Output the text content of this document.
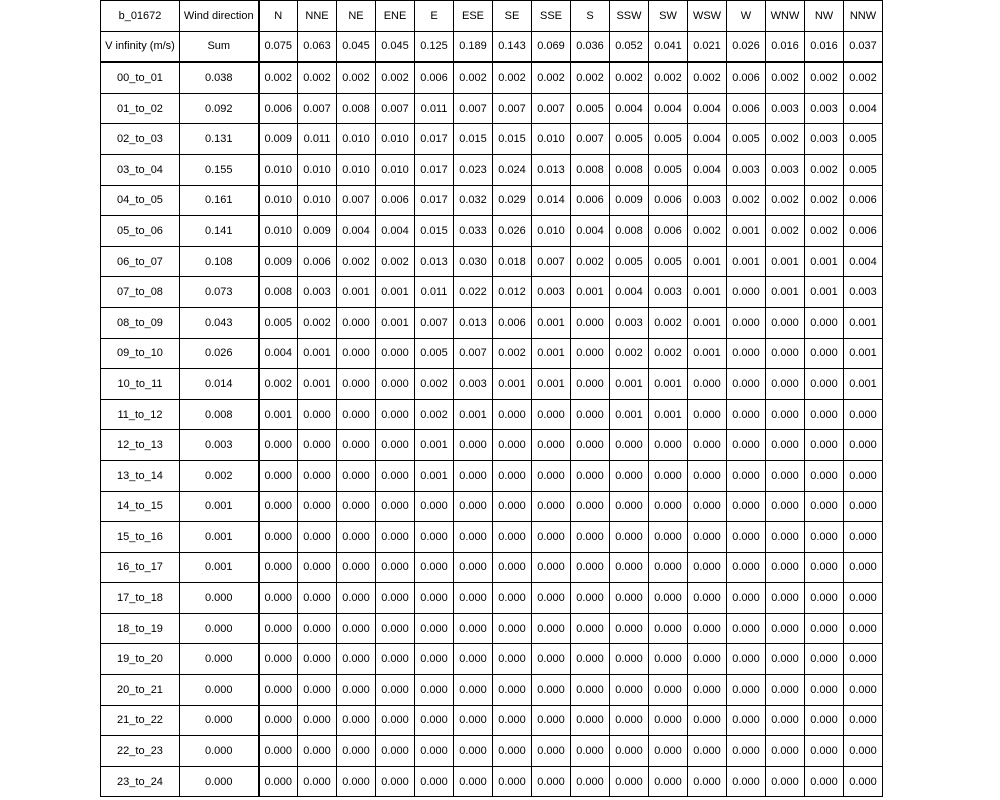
b_01672	Wind direction	N	NNE	NE	ENE	E	ESE	SE	SSE	S	SSW	SW	WSW	W	WNW	NW	NNW
V infinity (m/s)	Sum	0.075	0.063	0.045	0.045	0.125	0.189	0.143	0.069	0.036	0.052	0.041	0.021	0.026	0.016	0.016	0.037
00_to_01	0.038	0.002	0.002	0.002	0.002	0.006	0.002	0.002	0.002	0.002	0.002	0.002	0.002	0.006	0.002	0.002	0.002
01_to_02	0.092	0.006	0.007	0.008	0.007	0.011	0.007	0.007	0.007	0.005	0.004	0.004	0.004	0.006	0.003	0.003	0.004
02_to_03	0.131	0.009	0.011	0.010	0.010	0.017	0.015	0.015	0.010	0.007	0.005	0.005	0.004	0.005	0.002	0.003	0.005
03_to_04	0.155	0.010	0.010	0.010	0.010	0.017	0.023	0.024	0.013	0.008	0.008	0.005	0.004	0.003	0.003	0.002	0.005
04_to_05	0.161	0.010	0.010	0.007	0.006	0.017	0.032	0.029	0.014	0.006	0.009	0.006	0.003	0.002	0.002	0.002	0.006
05_to_06	0.141	0.010	0.009	0.004	0.004	0.015	0.033	0.026	0.010	0.004	0.008	0.006	0.002	0.001	0.002	0.002	0.006
06_to_07	0.108	0.009	0.006	0.002	0.002	0.013	0.030	0.018	0.007	0.002	0.005	0.005	0.001	0.001	0.001	0.001	0.004
07_to_08	0.073	0.008	0.003	0.001	0.001	0.011	0.022	0.012	0.003	0.001	0.004	0.003	0.001	0.000	0.001	0.001	0.003
08_to_09	0.043	0.005	0.002	0.000	0.001	0.007	0.013	0.006	0.001	0.000	0.003	0.002	0.001	0.000	0.000	0.000	0.001
09_to_10	0.026	0.004	0.001	0.000	0.000	0.005	0.007	0.002	0.001	0.000	0.002	0.002	0.001	0.000	0.000	0.000	0.001
10_to_11	0.014	0.002	0.001	0.000	0.000	0.002	0.003	0.001	0.001	0.000	0.001	0.001	0.000	0.000	0.000	0.000	0.001
11_to_12	0.008	0.001	0.000	0.000	0.000	0.002	0.001	0.000	0.000	0.000	0.001	0.001	0.000	0.000	0.000	0.000	0.000
12_to_13	0.003	0.000	0.000	0.000	0.000	0.001	0.000	0.000	0.000	0.000	0.000	0.000	0.000	0.000	0.000	0.000	0.000
13_to_14	0.002	0.000	0.000	0.000	0.000	0.001	0.000	0.000	0.000	0.000	0.000	0.000	0.000	0.000	0.000	0.000	0.000
14_to_15	0.001	0.000	0.000	0.000	0.000	0.000	0.000	0.000	0.000	0.000	0.000	0.000	0.000	0.000	0.000	0.000	0.000
15_to_16	0.001	0.000	0.000	0.000	0.000	0.000	0.000	0.000	0.000	0.000	0.000	0.000	0.000	0.000	0.000	0.000	0.000
16_to_17	0.001	0.000	0.000	0.000	0.000	0.000	0.000	0.000	0.000	0.000	0.000	0.000	0.000	0.000	0.000	0.000	0.000
17_to_18	0.000	0.000	0.000	0.000	0.000	0.000	0.000	0.000	0.000	0.000	0.000	0.000	0.000	0.000	0.000	0.000	0.000
18_to_19	0.000	0.000	0.000	0.000	0.000	0.000	0.000	0.000	0.000	0.000	0.000	0.000	0.000	0.000	0.000	0.000	0.000
19_to_20	0.000	0.000	0.000	0.000	0.000	0.000	0.000	0.000	0.000	0.000	0.000	0.000	0.000	0.000	0.000	0.000	0.000
20_to_21	0.000	0.000	0.000	0.000	0.000	0.000	0.000	0.000	0.000	0.000	0.000	0.000	0.000	0.000	0.000	0.000	0.000
21_to_22	0.000	0.000	0.000	0.000	0.000	0.000	0.000	0.000	0.000	0.000	0.000	0.000	0.000	0.000	0.000	0.000	0.000
22_to_23	0.000	0.000	0.000	0.000	0.000	0.000	0.000	0.000	0.000	0.000	0.000	0.000	0.000	0.000	0.000	0.000	0.000
23_to_24	0.000	0.000	0.000	0.000	0.000	0.000	0.000	0.000	0.000	0.000	0.000	0.000	0.000	0.000	0.000	0.000	0.000
